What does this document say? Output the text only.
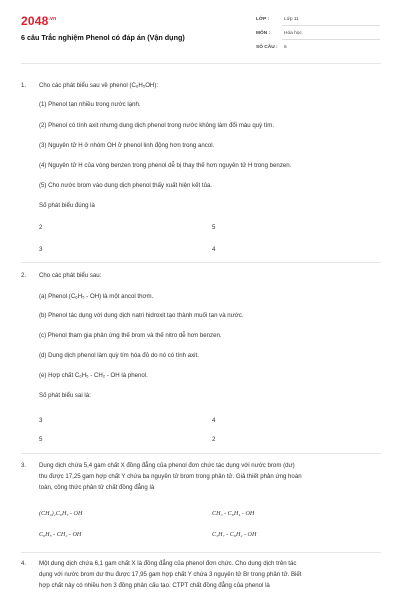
$2048^{.vn}$
6 câu Trắc nghiệm Phenol có đáp án (Vận dụng)
LỚP :	Lớp 11
MÔN :	Hóa học
SỐ CÂU : 6
1. Cho các phát biểu sau về phenol (C₆H₅OH):
(1) Phenol tan nhiều trong nước lạnh.
(2) Phenol có tính axit nhưng dung dịch phenol trong nước không làm đổi màu quỳ tím.
(3) Nguyên tử H ở nhóm OH ở phenol linh động hơn trong ancol.
(4) Nguyên tử H của vòng benzen trong phenol dễ bị thay thế hơn nguyên tử H trong benzen.
(5) Cho nước brom vào dung dịch phenol thấy xuất hiện kết tủa.
Số phát biểu đúng là
2	5
3	4
2. Cho các phát biểu sau:
(a) Phenol (C₆H₅ - OH) là một ancol thơm.
(b) Phenol tác dụng với dung dịch natri hidroxit tạo thành muối tan và nước.
(c) Phenol tham gia phản ứng thế brom và thế nitro dễ hơn benzen.
(d) Dung dịch phenol làm quỳ tím hóa đỏ do nó có tính axit.
(e) Hợp chất C₆H₅ - CH₂ - OH là phenol.
Số phát biểu sai là:
3	4
5	2
3. Dung dịch chứa 5,4 gam chất X đồng đẳng của phenol đơn chức tác dụng với nước brom (dư)
thu được 17,25 gam hợp chất Y chứa ba nguyên tử brom trong phân tử. Giả thiết phản ứng hoàn
toàn, công thức phân tử chất đồng đẳng là
(CH₃)₂C₆H₃ - OH	CH₃ - C₆H₄ - OH
C₆H₅ - CH₂ - OH	C₃H₇ - C₆H₄ - OH
4. Một dung dịch chứa 6,1 gam chất X là đồng đẳng của phenol đơn chức. Cho dung dịch trên tác
dụng với nước brom dư thu được 17,95 gam hợp chất Y chứa 3 nguyên tử Br trong phân tử. Biết
hợp chất này có nhiều hơn 3 đồng phân cấu tạo. CTPT chất đồng đẳng của phenol là
